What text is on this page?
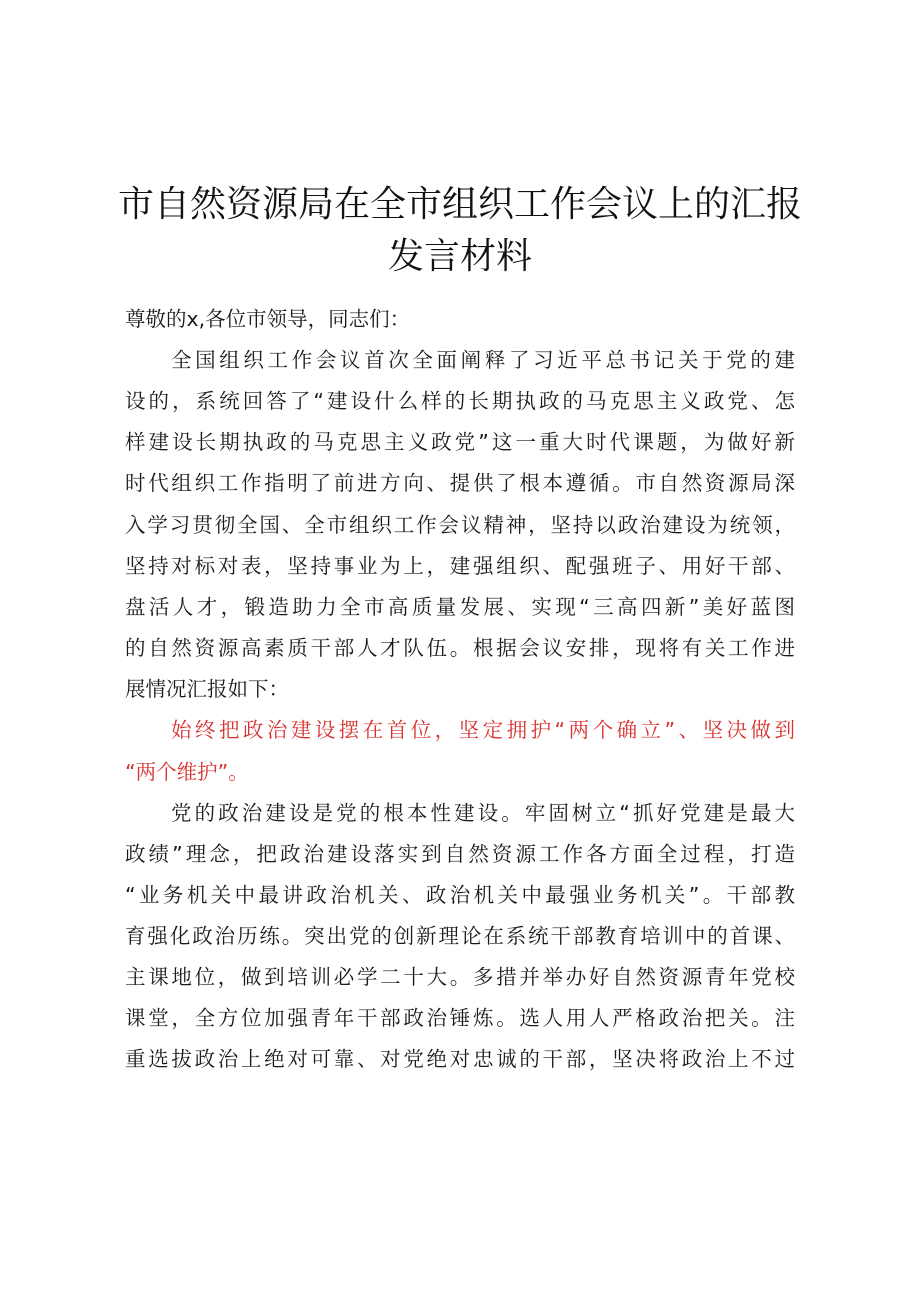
市自然资源局在全市组织工作会议上的汇报
发言材料
尊敬的x,各位市领导，同志们：
全国组织工作会议首次全面阐释了习近平总书记关于党的建
设的，系统回答了“建设什么样的长期执政的马克思主义政党、怎
样建设长期执政的马克思主义政党”这一重大时代课题，为做好新
时代组织工作指明了前进方向、提供了根本遵循。市自然资源局深
入学习贯彻全国、全市组织工作会议精神，坚持以政治建设为统领，
坚持对标对表，坚持事业为上，建强组织、配强班子、用好干部、
盘活人才，锻造助力全市高质量发展、实现“三高四新”美好蓝图
的自然资源高素质干部人才队伍。根据会议安排，现将有关工作进
展情况汇报如下：
始终把政治建设摆在首位，坚定拥护“两个确立”、坚决做到
“两个维护”。
党的政治建设是党的根本性建设。牢固树立“抓好党建是最大
政绩”理念，把政治建设落实到自然资源工作各方面全过程，打造
“业务机关中最讲政治机关、政治机关中最强业务机关”。干部教
育强化政治历练。突出党的创新理论在系统干部教育培训中的首课、
主课地位，做到培训必学二十大。多措并举办好自然资源青年党校
课堂，全方位加强青年干部政治锤炼。选人用人严格政治把关。注
重选拔政治上绝对可靠、对党绝对忠诚的干部，坚决将政治上不过
